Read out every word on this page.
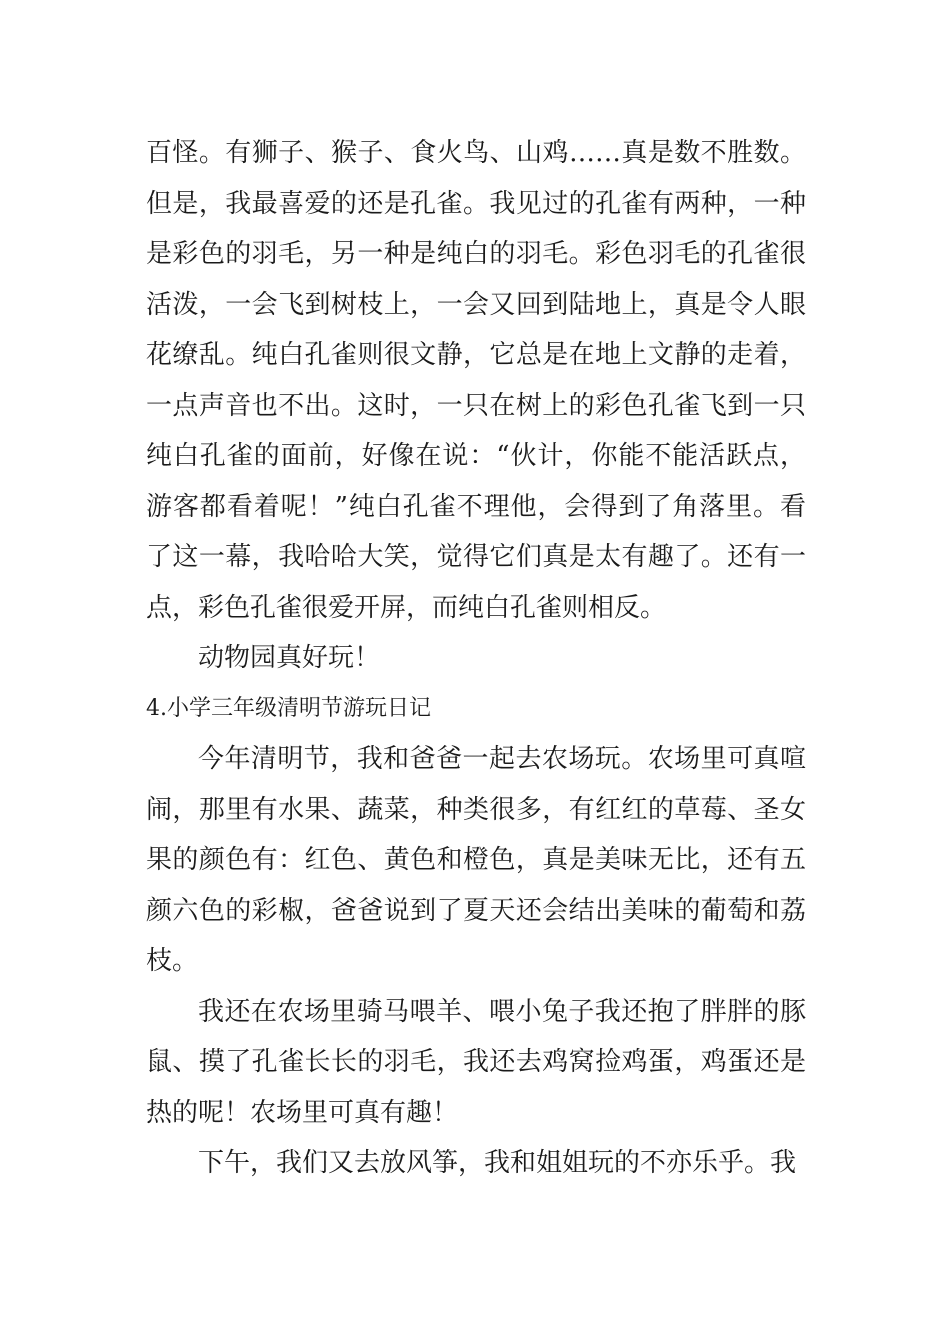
百怪。有狮子、猴子、食火鸟、山鸡……真是数不胜数。但是，我最喜爱的还是孔雀。我见过的孔雀有两种，一种是彩色的羽毛，另一种是纯白的羽毛。彩色羽毛的孔雀很活泼，一会飞到树枝上，一会又回到陆地上，真是令人眼花缭乱。纯白孔雀则很文静，它总是在地上文静的走着，一点声音也不出。这时，一只在树上的彩色孔雀飞到一只纯白孔雀的面前，好像在说：“伙计，你能不能活跃点，游客都看着呢！”纯白孔雀不理他，会得到了角落里。看了这一幕，我哈哈大笑，觉得它们真是太有趣了。还有一点，彩色孔雀很爱开屏，而纯白孔雀则相反。

动物园真好玩！

4.小学三年级清明节游玩日记

今年清明节，我和爸爸一起去农场玩。农场里可真喧闹，那里有水果、蔬菜，种类很多，有红红的草莓、圣女果的颜色有：红色、黄色和橙色，真是美味无比，还有五颜六色的彩椒，爸爸说到了夏天还会结出美味的葡萄和荔枝。

我还在农场里骑马喂羊、喂小兔子我还抱了胖胖的豚鼠、摸了孔雀长长的羽毛，我还去鸡窝捡鸡蛋，鸡蛋还是热的呢！农场里可真有趣！

下午，我们又去放风筝，我和姐姐玩的不亦乐乎。我
